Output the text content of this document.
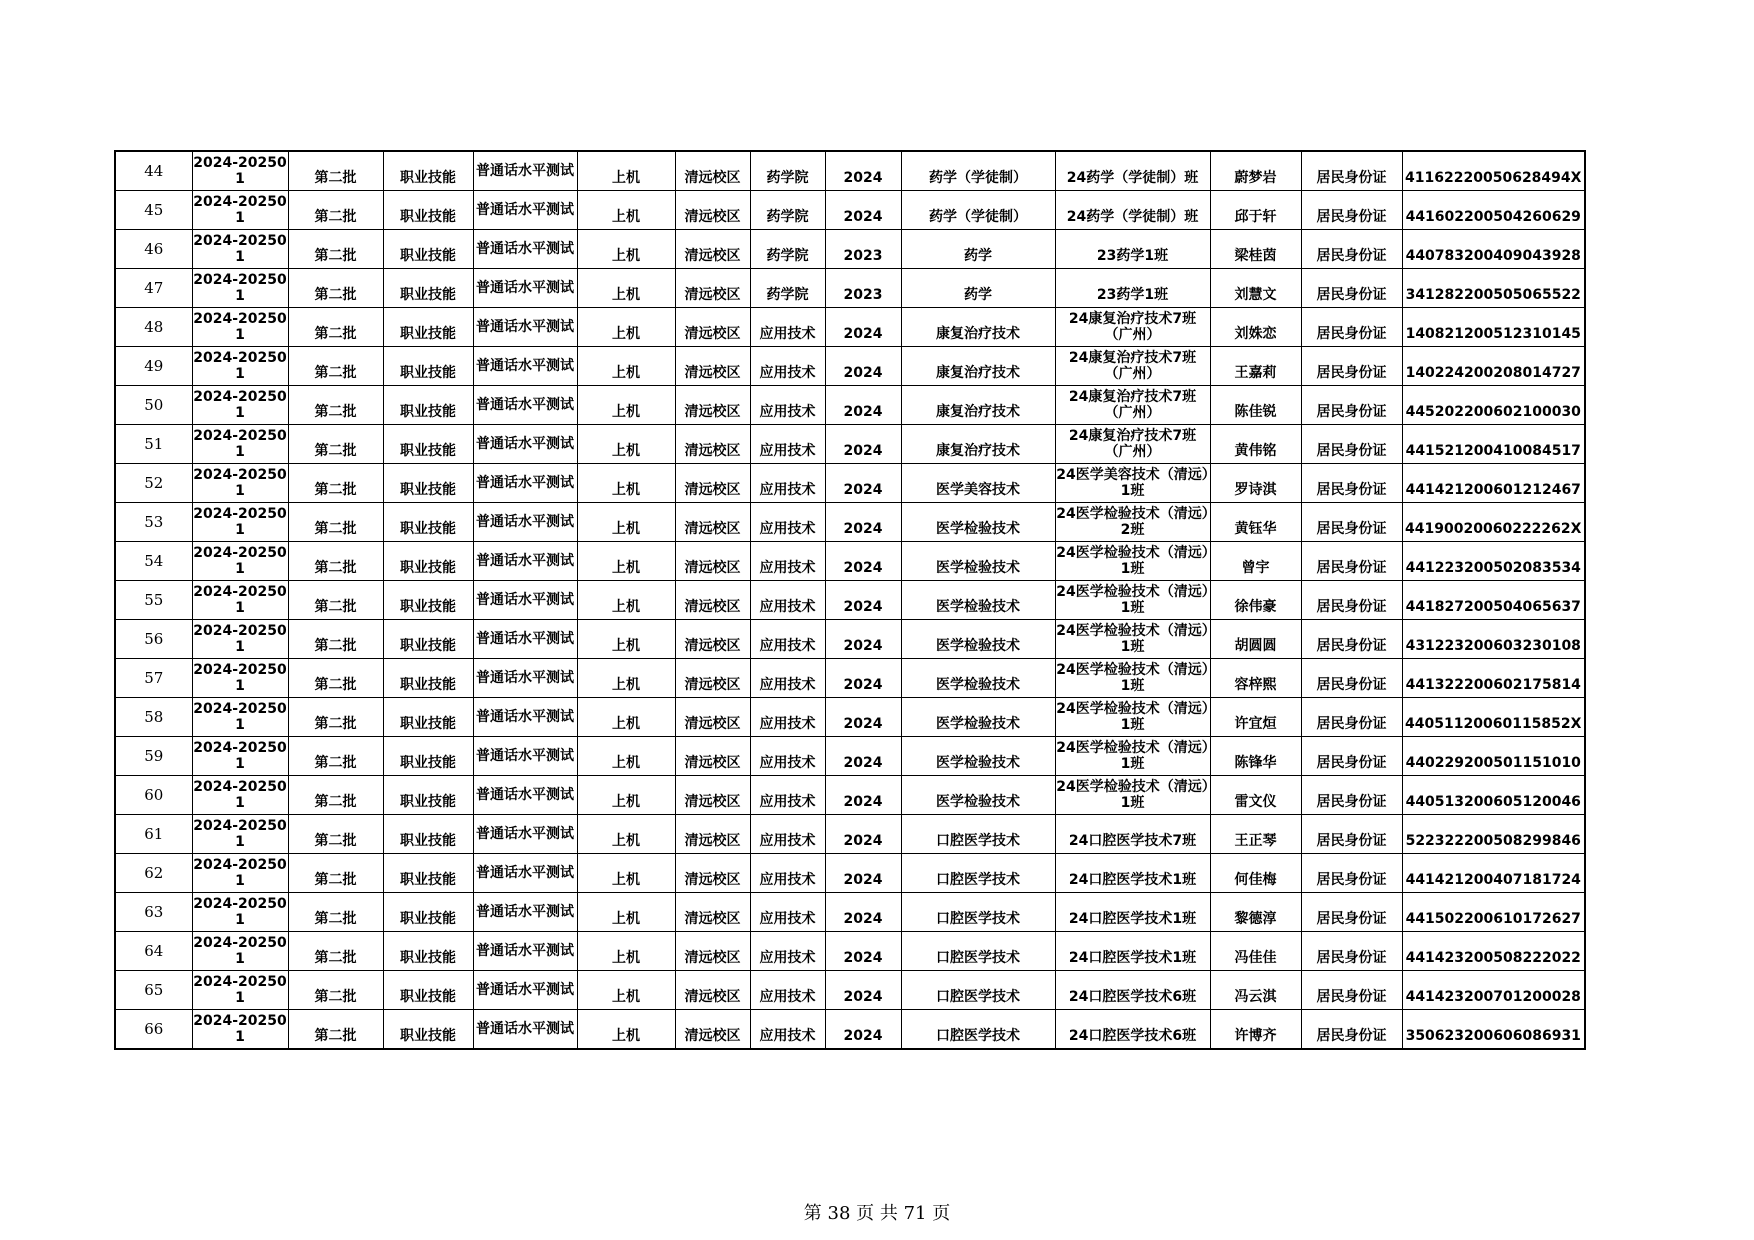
44	2024-202501	第二批	职业技能	普通话水平测试	上机	清远校区	药学院	2024	药学（学徒制）	24药学（学徒制）班	蔚梦岩	居民身份证	41162220050628494X

45	2024-202501	第二批	职业技能	普通话水平测试	上机	清远校区	药学院	2024	药学（学徒制）	24药学（学徒制）班	邱于轩	居民身份证	441602200504260629

46	2024-202501	第二批	职业技能	普通话水平测试	上机	清远校区	药学院	2023	药学	23药学1班	梁桂茵	居民身份证	440783200409043928

47	2024-202501	第二批	职业技能	普通话水平测试	上机	清远校区	药学院	2023	药学	23药学1班	刘慧文	居民身份证	341282200505065522

48	2024-202501	第二批	职业技能	普通话水平测试	上机	清远校区	应用技术	2024	康复治疗技术	24康复治疗技术7班（广州）	刘姝恋	居民身份证	140821200512310145

49	2024-202501	第二批	职业技能	普通话水平测试	上机	清远校区	应用技术	2024	康复治疗技术	24康复治疗技术7班（广州）	王嘉莉	居民身份证	140224200208014727

50	2024-202501	第二批	职业技能	普通话水平测试	上机	清远校区	应用技术	2024	康复治疗技术	24康复治疗技术7班（广州）	陈佳锐	居民身份证	445202200602100030

51	2024-202501	第二批	职业技能	普通话水平测试	上机	清远校区	应用技术	2024	康复治疗技术	24康复治疗技术7班（广州）	黄伟铭	居民身份证	441521200410084517

52	2024-202501	第二批	职业技能	普通话水平测试	上机	清远校区	应用技术	2024	医学美容技术	24医学美容技术（清远）1班	罗诗淇	居民身份证	441421200601212467

53	2024-202501	第二批	职业技能	普通话水平测试	上机	清远校区	应用技术	2024	医学检验技术	24医学检验技术（清远）2班	黄钰华	居民身份证	44190020060222262X

54	2024-202501	第二批	职业技能	普通话水平测试	上机	清远校区	应用技术	2024	医学检验技术	24医学检验技术（清远）1班	曾宇	居民身份证	441223200502083534

55	2024-202501	第二批	职业技能	普通话水平测试	上机	清远校区	应用技术	2024	医学检验技术	24医学检验技术（清远）1班	徐伟豪	居民身份证	441827200504065637

56	2024-202501	第二批	职业技能	普通话水平测试	上机	清远校区	应用技术	2024	医学检验技术	24医学检验技术（清远）1班	胡圆圆	居民身份证	431223200603230108

57	2024-202501	第二批	职业技能	普通话水平测试	上机	清远校区	应用技术	2024	医学检验技术	24医学检验技术（清远）1班	容梓熙	居民身份证	441322200602175814

58	2024-202501	第二批	职业技能	普通话水平测试	上机	清远校区	应用技术	2024	医学检验技术	24医学检验技术（清远）1班	许宜烜	居民身份证	44051120060115852X

59	2024-202501	第二批	职业技能	普通话水平测试	上机	清远校区	应用技术	2024	医学检验技术	24医学检验技术（清远）1班	陈锋华	居民身份证	440229200501151010

60	2024-202501	第二批	职业技能	普通话水平测试	上机	清远校区	应用技术	2024	医学检验技术	24医学检验技术（清远）1班	雷文仪	居民身份证	440513200605120046

61	2024-202501	第二批	职业技能	普通话水平测试	上机	清远校区	应用技术	2024	口腔医学技术	24口腔医学技术7班	王正琴	居民身份证	522322200508299846

62	2024-202501	第二批	职业技能	普通话水平测试	上机	清远校区	应用技术	2024	口腔医学技术	24口腔医学技术1班	何佳梅	居民身份证	441421200407181724

63	2024-202501	第二批	职业技能	普通话水平测试	上机	清远校区	应用技术	2024	口腔医学技术	24口腔医学技术1班	黎德淳	居民身份证	441502200610172627

64	2024-202501	第二批	职业技能	普通话水平测试	上机	清远校区	应用技术	2024	口腔医学技术	24口腔医学技术1班	冯佳佳	居民身份证	441423200508222022

65	2024-202501	第二批	职业技能	普通话水平测试	上机	清远校区	应用技术	2024	口腔医学技术	24口腔医学技术6班	冯云淇	居民身份证	441423200701200028

66	2024-202501	第二批	职业技能	普通话水平测试	上机	清远校区	应用技术	2024	口腔医学技术	24口腔医学技术6班	许博齐	居民身份证	350623200606086931
第 38 页 共 71 页
